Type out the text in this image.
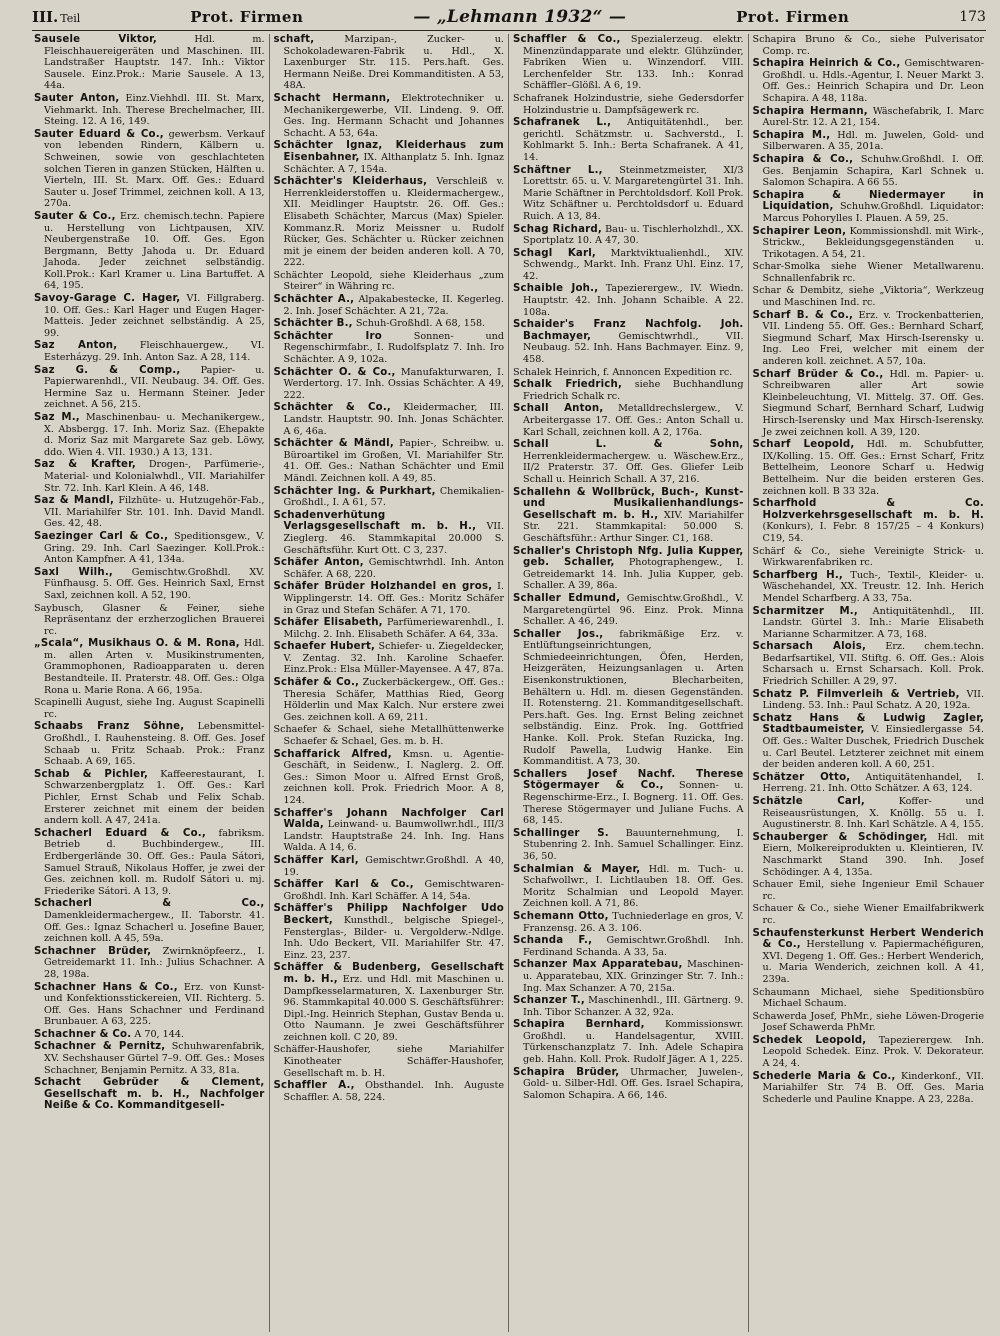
III. Teil	Prot. Firmen	— „Lehmann 1932“ —	Prot. Firmen	173

Sausele Viktor,	Hdl. m. Fleischhauereigeräten und Maschinen. III. Landstraßer Hauptstr. 147. Inh.: Viktor Sausele. Einz.Prok.: Marie Sausele. A 13, 44a.

Sauter Anton, Einz.Viehhdl. III. St. Marx, Viehmarkt. Inh. Therese Brechelmacher, III. Steing. 12. A 16, 149.

Sauter Eduard & Co., gewerbsm. Verkauf von lebenden Rindern, Kälbern u. Schweinen, sowie von geschlachteten solchen Tieren in ganzen Stücken, Hälften u. Vierteln, III. St. Marx. Off. Ges.: Eduard Sauter u. Josef Trimmel, zeichnen koll. A 13, 270a.

Sauter & Co., Erz. chemisch.techn. Papiere u. Herstellung von Lichtpausen, XIV. Neubergenstraße 10. Off. Ges. Egon Bergmann, Betty Jahoda u. Dr. Eduard Jahoda. Jeder zeichnet selbständig. Koll.Prok.: Karl Kramer u. Lina Bartuffet. A 64, 195.

Savoy-Garage C. Hager, VI. Fillgraberg. 10. Off. Ges.: Karl Hager und Eugen Hager-Matteis. Jeder zeichnet selbständig. A 25, 99.

Saz Anton, Fleischhauergew., VI. Esterházyg. 29. Inh. Anton Saz. A 28, 114.

Saz G. & Comp., Papier- u. Papierwarenhdl., VII. Neubaug. 34. Off. Ges. Hermine Saz u. Hermann Steiner. Jeder zeichnet. A 56, 215.

Saz M., Maschinenbau- u. Mechanikergew., X. Absbergg. 17. Inh. Moriz Saz. (Ehepakte d. Moriz Saz mit Margarete Saz geb. Löwy, ddo. Wien 4. VII. 1930.) A 13, 131.

Saz & Krafter, Drogen-, Parfümerie-, Material- und Kolonialwhdl., VII. Mariahilfer Str. 72. Inh. Karl Klein. A 46, 148.

Saz & Mandl, Filzhüte- u. Hutzugehör-Fab., VII. Mariahilfer Str. 101. Inh. David Mandl. Ges. 42, 48.

Saezinger Carl & Co., Speditionsgew., V. Gring. 29. Inh. Carl Saezinger. Koll.Prok.: Anton Kampfner. A 41, 134a.

Saxl Wilh., Gemischtw.Großhdl. XV. Fünfhausg. 5. Off. Ges. Heinrich Saxl, Ernst Saxl, zeichnen koll. A 52, 190.

Saybusch, Glasner & Feiner, siehe Repräsentanz der erzherzoglichen Brauerei rc.

„Scala“, Musikhaus O. & M. Rona, Hdl. m. allen Arten v. Musikinstrumenten, Grammophonen, Radioapparaten u. deren Bestandteile. II. Praterstr. 48. Off. Ges.: Olga Rona u. Marie Rona. A 66, 195a.

Scapinelli August, siehe Ing. August Scapinelli rc.

Schaabs Franz Söhne, Lebensmittel-Großhdl., I. Rauhensteing. 8. Off. Ges. Josef Schaab u. Fritz Schaab. Prok.: Franz Schaab. A 69, 165.

Schab & Pichler, Kaffeerestaurant, I. Schwarzenbergplatz 1. Off. Ges.: Karl Pichler, Ernst Schab und Felix Schab. Ersterer zeichnet mit einem der beiden andern koll. A 47, 241a.

Schacherl Eduard & Co., fabriksm. Betrieb d. Buchbindergew., III. Erdbergerlände 30. Off. Ges.: Paula Sátori, Samuel Strauß, Nikolaus Hoffer, je zwei der Ges. zeichnen koll. m. Rudolf Sátori u. mj. Friederike Sátori. A 13, 9.

Schacherl & Co., Damenkleidermachergew., II. Taborstr. 41. Off. Ges.: Ignaz Schacherl u. Josefine Bauer, zeichnen koll. A 45, 59a.

Schachner Brüder, Zwirnknöpfeerz., I. Getreidemarkt 11. Inh.: Julius Schachner. A 28, 198a.

Schachner Hans & Co., Erz. von Kunst- und Konfektionsstickereien, VII. Richterg. 5. Off. Ges. Hans Schachner und Ferdinand Brunbauer. A 63, 225.

Schachner & Co. A 70, 144.

Schachner & Pernitz, Schuhwarenfabrik, XV. Sechshauser Gürtel 7–9. Off. Ges.: Moses Schachner, Benjamin Pernitz. A 33, 81a.

Schacht Gebrüder & Clement, Gesellschaft m. b. H., Nachfolger Neiße & Co. Kommanditgesell-

schaft,	Marzipan-, Zucker- u. Schokoladewaren-Fabrik u. Hdl., X. Laxenburger Str. 115. Pers.haft. Ges. Hermann Neiße. Drei Kommanditisten. A 53, 48A.

Schacht Hermann, Elektrotechniker u. Mechanikergewerbe, VII. Lindeng. 9. Off. Ges. Ing. Hermann Schacht und Johannes Schacht. A 53, 64a.

Schächter Ignaz, Kleiderhaus zum Eisenbahner, IX. Althanplatz 5. Inh. Ignaz Schächter. A 7, 154a.

Schächter's Kleiderhaus, Verschleiß v. Herrenkleiderstoffen u. Kleidermachergew., XII. Meidlinger Hauptstr. 26. Off. Ges.: Elisabeth Schächter, Marcus (Max) Spieler. Kommanz.R. Moriz Meissner u. Rudolf Rücker, Ges. Schächter u. Rücker zeichnen mit je einem der beiden anderen koll. A 70, 222.

Schächter Leopold, siehe Kleiderhaus „zum Steirer“ in Währing rc.

Schächter A., Alpakabestecke, II. Kegerleg. 2. Inh. Josef Schächter. A 21, 72a.

Schächter B., Schuh-Großhdl. A 68, 158.

Schächter Iro	Sonnen- und Regenschirmfabr., I. Rudolfsplatz 7. Inh. Iro Schächter. A 9, 102a.

Schächter O. & Co., Manufakturwaren, I. Werdertorg. 17. Inh. Ossias Schächter. A 49, 222.

Schächter & Co., Kleidermacher, III. Landstr. Hauptstr. 90. Inh. Jonas Schächter. A 6, 46a.

Schächter & Mändl, Papier-, Schreibw. u. Büroartikel im Großen, VI. Mariahilfer Str. 41. Off. Ges.: Nathan Schächter und Emil Mändl. Zeichnen koll. A 49, 85.

Schächter Ing. & Purkhart, Chemikalien-Großhdl., I. A 61, 57.

Schadenverhütung Verlagsgesellschaft m. b. H., VII. Zieglerg. 46. Stammkapital 20.000 S. Geschäftsführ. Kurt Ott. C 3, 237.

Schäfer Anton, Gemischtwrhdl. Inh. Anton Schäfer. A 68, 220.

Schäfer Brüder Holzhandel en gros, I. Wipplingerstr. 14. Off. Ges.: Moritz Schäfer in Graz und Stefan Schäfer. A 71, 170.

Schäfer Elisabeth, Parfümeriewarenhdl., I. Milchg. 2. Inh. Elisabeth Schäfer. A 64, 33a.

Schaefer Hubert, Schiefer- u. Ziegeldecker, V. Zentag. 32. Inh. Karoline Schaefer. Einz.Prok.: Elsa Müller-Mayensee. A 47, 87a.

Schäfer & Co., Zuckerbäckergew., Off. Ges.: Theresia Schäfer, Matthias Ried, Georg Hölderlin und Max Kalch. Nur erstere zwei Ges. zeichnen koll. A 69, 211.

Schaefer & Schael, siehe Metallhüttenwerke Schaefer & Schael, Ges. m. b. H.

Schaffarick Alfred, Kmsn. u. Agentie-Geschäft, in Seidenw., I. Naglerg. 2. Off. Ges.: Simon Moor u. Alfred Ernst Groß, zeichnen koll. Prok. Friedrich Moor. A 8, 124.

Schaffer's Johann Nachfolger Carl Walda, Leinwand- u. Baumwollwr.hdl., III/3 Landstr. Hauptstraße 24. Inh. Ing. Hans Walda. A 14, 6.

Schäffer Karl, Gemischtwr.Großhdl. A 40, 19.

Schäffer Karl & Co., Gemischtwaren-Großhdl. Inh. Karl Schäffer. A 14, 54a.

Schäffer's Philipp Nachfolger Udo Beckert, Kunsthdl., belgische Spiegel-, Fensterglas-, Bilder- u. Vergolderw.-Ndlge. Inh. Udo Beckert, VII. Mariahilfer Str. 47. Einz. 23, 237.

Schäffer & Budenberg, Gesellschaft m. b. H., Erz. und Hdl. mit Maschinen u. Dampfkesselarmaturen, X. Laxenburger Str. 96. Stammkapital 40.000 S. Geschäftsführer: Dipl.-Ing. Heinrich Stephan, Gustav Benda u. Otto Naumann. Je zwei Geschäftsführer zeichnen koll. C 20, 89.

Schäffer-Haushofer, siehe Mariahilfer Kinotheater Schäffer-Haushofer, Gesellschaft m. b. H.

Schaffler A., Obsthandel. Inh. Auguste Schaffler. A. 58, 224.

Schaffler & Co., Spezialerzeug. elektr. Minenzündapparate und elektr. Glühzünder, Fabriken Wien u. Winzendorf. VIII. Lerchenfelder Str. 133. Inh.: Konrad Schäffler–Glößl. A 6, 19.

Schafranek Holzindustrie, siehe Gedersdorfer Holzindustrie u. Dampfsägewerk rc.

Schafranek L., Antiquitätenhdl., ber. gerichtl. Schätzmstr. u. Sachverstd., I. Kohlmarkt 5. Inh.: Berta Schafranek. A 41, 14.

Schäftner L., Steinmetzmeister, XI/3 Lorettstr. 65. u. V. Margaretengürtel 31. Inh. Marie Schäftner in Perchtoldsdorf. Koll Prok. Witz Schäftner u. Perchtoldsdorf u. Eduard Ruich. A 13, 84.

Schag Richard, Bau- u. Tischlerholzhdl., XX. Sportplatz 10. A 47, 30.

Schagl Karl, Marktviktualienhdl., XIV. Schwendg., Markt. Inh. Franz Uhl. Einz. 17, 42.

Schaible Joh., Tapezierergew., IV. Wiedn. Hauptstr. 42. Inh. Johann Schaible. A 22. 108a.

Schaider's Franz Nachfolg. Joh. Bachmayer,	Gemischtwrhdl., VII. Neubaug. 52. Inh. Hans Bachmayer. Einz. 9, 458.

Schalek Heinrich, f. Annoncen Expedition rc.

Schalk Friedrich, siehe Buchhandlung Friedrich Schalk rc.

Schall Anton, Metalldrechslergew., V. Arbeitergasse 17. Off. Ges.: Anton Schall u. Karl Schall, zeichnen koll. A 2, 176a.

Schall L. & Sohn, Herrenkleidermachergew. u. Wäschew.Erz., II/2 Praterstr. 37. Off. Ges. Gliefer Leib Schall u. Heinrich Schall. A 37, 216.

Schallehn & Wollbrück, Buch-, Kunst- und Musikalienhandlungs-Gesellschaft m. b. H., XIV. Mariahilfer Str. 221. Stammkapital: 50.000 S. Geschäftsführ.: Arthur Singer. C1, 168.

Schaller's Christoph Nfg. Julia Kupper, geb. Schaller, Photographengew., I. Getreidemarkt 14. Inh. Julia Kupper, geb. Schaller. A 39, 86a.

Schaller Edmund, Gemischtw.Großhdl., V. Margaretengürtel 96. Einz. Prok. Minna Schaller. A 46, 249.

Schaller Jos., fabrikmäßige Erz. v. Entlüftungseinrichtungen, Schmiedeeinrichtungen, Öfen, Herden, Heizgeräten, Heizungsanlagen u. Arten Eisenkonstruktionen, Blecharbeiten, Behältern u. Hdl. m. diesen Gegenständen. II. Rotensterng. 21. Kommanditgesellschaft. Pers.haft. Ges. Ing. Ernst Beling zeichnet selbständig. Einz. Prok. Ing. Gottfried Hanke. Koll. Prok. Stefan Ruzicka, Ing. Rudolf Pawella, Ludwig Hanke. Ein Kommanditist. A 73, 30.

Schallers Josef Nachf. Therese Stögermayer & Co., Sonnen- u. Regenschirme-Erz., I. Bognerg. 11. Off. Ges. Therese Stögermayer und Juliane Fuchs. A 68, 145.

Schallinger S. Bauunternehmung, I. Stubenring 2. Inh. Samuel Schallinger. Einz. 36, 50.

Schalmian & Mayer, Hdl. m. Tuch- u. Schafwollwr., I. Lichtlauben 18. Off. Ges. Moritz Schalmian und Leopold Mayer. Zeichnen koll. A 71, 86.

Schemann Otto, Tuchniederlage en gros, V. Franzensg. 26. A 3. 106.

Schanda F., Gemischtwr.Großhdl. Inh. Ferdinand Schanda. A 33, 5a.

Schanzer Max Apparatebau, Maschinen- u. Apparatebau, XIX. Grinzinger Str. 7. Inh.: Ing. Max Schanzer. A 70, 215a.

Schanzer T., Maschinenhdl., III. Gärtnerg. 9. Inh. Tibor Schanzer. A 32, 92a.

Schapira Bernhard, Kommissionswr. Großhdl. u. Handelsagentur, XVIII. Türkenschanzplatz 7. Inh. Adele Schapira geb. Hahn. Koll. Prok. Rudolf Jäger. A 1, 225.

Schapira Brüder, Uhrmacher, Juwelen-, Gold- u. Silber-Hdl. Off. Ges. Israel Schapira, Salomon Schapira. A 66, 146.

Schapira Bruno & Co., siehe Pulverisator Comp. rc.

Schapira Heinrich & Co., Gemischtwaren-Großhdl. u. Hdls.-Agentur, I. Neuer Markt 3. Off. Ges.: Heinrich Schapira und Dr. Leon Schapira. A 48, 118a.

Schapira Hermann, Wäschefabrik, I. Marc Aurel-Str. 12. A 21, 154.

Schapira M., Hdl. m. Juwelen, Gold- und Silberwaren. A 35, 201a.

Schapira & Co., Schuhw.Großhdl. I. Off. Ges. Benjamin Schapira, Karl Schnek u. Salomon Schapira. A 66 55.

Schapira & Niedermayer in Liquidation, Schuhw.Großhdl. Liquidator: Marcus Pohorylles I. Plauen. A 59, 25.

Schapirer Leon, Kommissionshdl. mit Wirk-, Strickw., Bekleidungsgegenständen u. Trikotagen. A 54, 21.

Schar-Smolka siehe Wiener Metallwarenu. Schnallenfabrik rc.

Schar & Dembitz, siehe „Viktoria“, Werkzeug und Maschinen Ind. rc.

Scharf B. & Co., Erz. v. Trockenbatterien, VII. Lindeng 55. Off. Ges.: Bernhard Scharf, Siegmund Scharf, Max Hirsch-Iserensky u. Ing. Leo Frei, welcher mit einem der anderen koll. zeichnet. A 57, 10a.

Scharf Brüder & Co., Hdl. m. Papier- u. Schreibwaren aller Art sowie Kleinbeleuchtung, VI. Mittelg. 37. Off. Ges. Siegmund Scharf, Bernhard Scharf, Ludwig Hirsch-Iserensky und Max Hirsch-Iserensky. Je zwei zeichnen koll. A 39, 120.

Scharf Leopold, Hdl. m. Schubfutter, IX/Kolling. 15. Off. Ges.: Ernst Scharf, Fritz Bettelheim, Leonore Scharf u. Hedwig Bettelheim. Nur die beiden ersteren Ges. zeichnen koll. B 33 32a.

Scharfhold & Co. Holzverkehrsgesellschaft m. b. H. (Konkurs), I. Febr. 8 157/25 – 4 Konkurs) C19, 54.

Schärf & Co., siehe Vereinigte Strick- u. Wirkwarenfabriken rc.

Scharfberg H., Tuch-, Textil-, Kleider- u. Wäschehandel, XX. Treustr. 12. Inh. Herich Mendel Scharfberg. A 33, 75a.

Scharmitzer M., Antiquitätenhdl., III. Landstr. Gürtel 3. Inh.: Marie Elisabeth Marianne Scharmitzer. A 73, 168.

Scharsach Alois, Erz. chem.techn. Bedarfsartikel, VII. Stiftg. 6. Off. Ges.: Alois Scharsach u. Ernst Scharsach. Koll. Prok. Friedrich Schiller. A 29, 97.

Schatz P. Filmverleih & Vertrieb, VII. Lindeng. 53. Inh.: Paul Schatz. A 20, 192a.

Schatz Hans & Ludwig Zagler, Stadtbaumeister, V. Einsiedlergasse 54. Off. Ges.: Walter Duschek, Friedrich Duschek u. Carl Beutel. Letzterer zeichnet mit einem der beiden anderen koll. A 60, 251.

Schätzer Otto, Antiquitätenhandel, I. Herreng. 21. Inh. Otto Schätzer. A 63, 124.

Schätzle Carl,	Koffer- und Reiseausrüstungen, X. Knöllg. 55 u. I. Augustinerstr. 8. Inh. Karl Schätzle. A 4, 155.

Schauberger & Schödinger, Hdl. mit Eiern, Molkereiprodukten u. Kleintieren, IV. Naschmarkt Stand 390. Inh. Josef Schödinger. A 4, 135a.

Schauer Emil, siehe Ingenieur Emil Schauer rc.

Schauer & Co., siehe Wiener Emailfabrikwerk rc.

Schaufensterkunst Herbert Wenderich & Co., Herstellung v. Papiermachéfiguren, XVI. Degeng 1. Off. Ges.: Herbert Wenderich, u. Maria Wenderich, zeichnen koll. A 41, 239a.

Schaumann Michael, siehe Speditionsbüro Michael Schaum.

Schawerda Josef, PhMr., siehe Löwen-Drogerie Josef Schawerda PhMr.

Schedek Leopold, Tapezierergew. Inh. Leopold Schedek. Einz. Prok. V. Dekorateur. A 24, 4.

Schederle Maria & Co., Kinderkonf., VII. Mariahilfer Str. 74 B. Off. Ges. Maria Schederle und Pauline Knappe. A 23, 228a.
